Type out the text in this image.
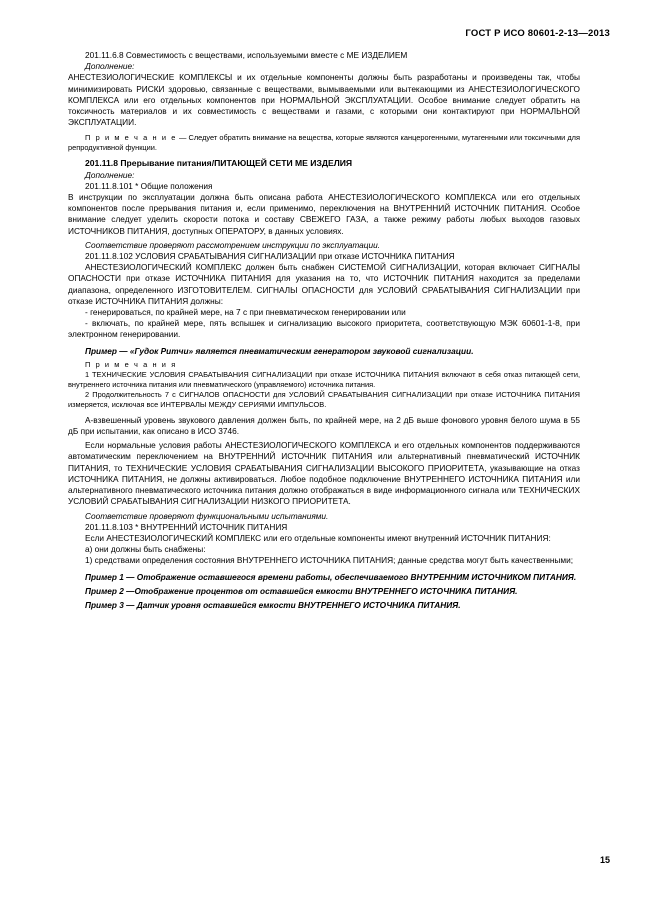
ГОСТ Р ИСО 80601-2-13—2013

201.11.6.8 Совместимость с веществами, используемыми вместе с МЕ ИЗДЕЛИЕМ

Дополнение:

АНЕСТЕЗИОЛОГИЧЕСКИЕ КОМПЛЕКСЫ и их отдельные компоненты должны быть разработаны и произведены так, чтобы минимизировать РИСКИ здоровью, связанные с веществами, вымываемыми или вытекающими из АНЕСТЕЗИОЛОГИЧЕСКОГО КОМПЛЕКСА или его отдельных компонентов при НОРМАЛЬНОЙ ЭКСПЛУАТАЦИИ. Особое внимание следует обратить на токсичность материалов и их совместимость с веществами и газами, с которыми они контактируют при НОРМАЛЬНОЙ ЭКСПЛУАТАЦИИ.

П р и м е ч а н и е — Следует обратить внимание на вещества, которые являются канцерогенными, мутагенными или токсичными для репродуктивной функции.

201.11.8 Прерывание питания/ПИТАЮЩЕЙ СЕТИ МЕ ИЗДЕЛИЯ

Дополнение:

201.11.8.101 * Общие положения

В инструкции по эксплуатации должна быть описана работа АНЕСТЕЗИОЛОГИЧЕСКОГО КОМПЛЕКСА или его отдельных компонентов после прерывания питания и, если применимо, переключения на ВНУТРЕННИЙ ИСТОЧНИК ПИТАНИЯ. Особое внимание следует уделить скорости потока и составу СВЕЖЕГО ГАЗА, а также режиму работы любых выходов газовых ИСТОЧНИКОВ ПИТАНИЯ, доступных ОПЕРАТОРУ, в данных условиях.

Соответствие проверяют рассмотрением инструкции по эксплуатации.

201.11.8.102 УСЛОВИЯ СРАБАТЫВАНИЯ СИГНАЛИЗАЦИИ при отказе ИСТОЧНИКА ПИТАНИЯ

АНЕСТЕЗИОЛОГИЧЕСКИЙ КОМПЛЕКС должен быть снабжен СИСТЕМОЙ СИГНАЛИЗАЦИИ, которая включает СИГНАЛЫ ОПАСНОСТИ при отказе ИСТОЧНИКА ПИТАНИЯ для указания на то, что ИСТОЧНИК ПИТАНИЯ находится за пределами диапазона, определенного ИЗГОТОВИТЕЛЕМ. СИГНАЛЫ ОПАСНОСТИ для УСЛОВИЙ СРАБАТЫВАНИЯ СИГНАЛИЗАЦИИ при отказе ИСТОЧНИКА ПИТАНИЯ должны:

- генерироваться, по крайней мере, на 7 с при пневматическом генерировании или

- включать, по крайней мере, пять вспышек и сигнализацию высокого приоритета, соответствующую МЭК 60601-1-8, при электронном генерировании.

Пример — «Гудок Ритчи» является пневматическим генератором звуковой сигнализации.

П р и м е ч а н и я

1 ТЕХНИЧЕСКИЕ УСЛОВИЯ СРАБАТЫВАНИЯ СИГНАЛИЗАЦИИ при отказе ИСТОЧНИКА ПИТАНИЯ включают в себя отказ питающей сети, внутреннего источника питания или пневматического (управляемого) источника питания.

2 Продолжительность 7 с СИГНАЛОВ ОПАСНОСТИ для УСЛОВИЙ СРАБАТЫВАНИЯ СИГНАЛИЗАЦИИ при отказе ИСТОЧНИКА ПИТАНИЯ измеряется, исключая все ИНТЕРВАЛЫ МЕЖДУ СЕРИЯМИ ИМПУЛЬСОВ.

А-взвешенный уровень звукового давления должен быть, по крайней мере, на 2 дБ выше фонового уровня белого шума в 55 дБ при испытании, как описано в ИСО 3746.

Если нормальные условия работы АНЕСТЕЗИОЛОГИЧЕСКОГО КОМПЛЕКСА и его отдельных компонентов поддерживаются автоматическим переключением на ВНУТРЕННИЙ ИСТОЧНИК ПИТАНИЯ или альтернативный пневматический ИСТОЧНИК ПИТАНИЯ, то ТЕХНИЧЕСКИЕ УСЛОВИЯ СРАБАТЫВАНИЯ СИГНАЛИЗАЦИИ ВЫСОКОГО ПРИОРИТЕТА, указывающие на отказ ИСТОЧНИКА ПИТАНИЯ, не должны активироваться. Любое подобное подключение ВНУТРЕННЕГО ИСТОЧНИКА ПИТАНИЯ или альтернативного пневматического источника питания должно отображаться в виде информационного сигнала или ТЕХНИЧЕСКИХ УСЛОВИЙ СРАБАТЫВАНИЯ СИГНАЛИЗАЦИИ НИЗКОГО ПРИОРИТЕТА.

Соответствие проверяют функциональными испытаниями.

201.11.8.103 * ВНУТРЕННИЙ ИСТОЧНИК ПИТАНИЯ

Если АНЕСТЕЗИОЛОГИЧЕСКИЙ КОМПЛЕКС или его отдельные компоненты имеют внутренний ИСТОЧНИК ПИТАНИЯ:

а) они должны быть снабжены:

1) средствами определения состояния ВНУТРЕННЕГО ИСТОЧНИКА ПИТАНИЯ; данные средства могут быть качественными;

Пример 1 — Отображение оставшегося времени работы, обеспечиваемого ВНУТРЕННИМ ИСТОЧНИКОМ ПИТАНИЯ.

Пример 2 —Отображение процентов от оставшейся емкости ВНУТРЕННЕГО ИСТОЧНИКА ПИТАНИЯ.

Пример 3 — Датчик уровня оставшейся емкости ВНУТРЕННЕГО ИСТОЧНИКА ПИТАНИЯ.

15
